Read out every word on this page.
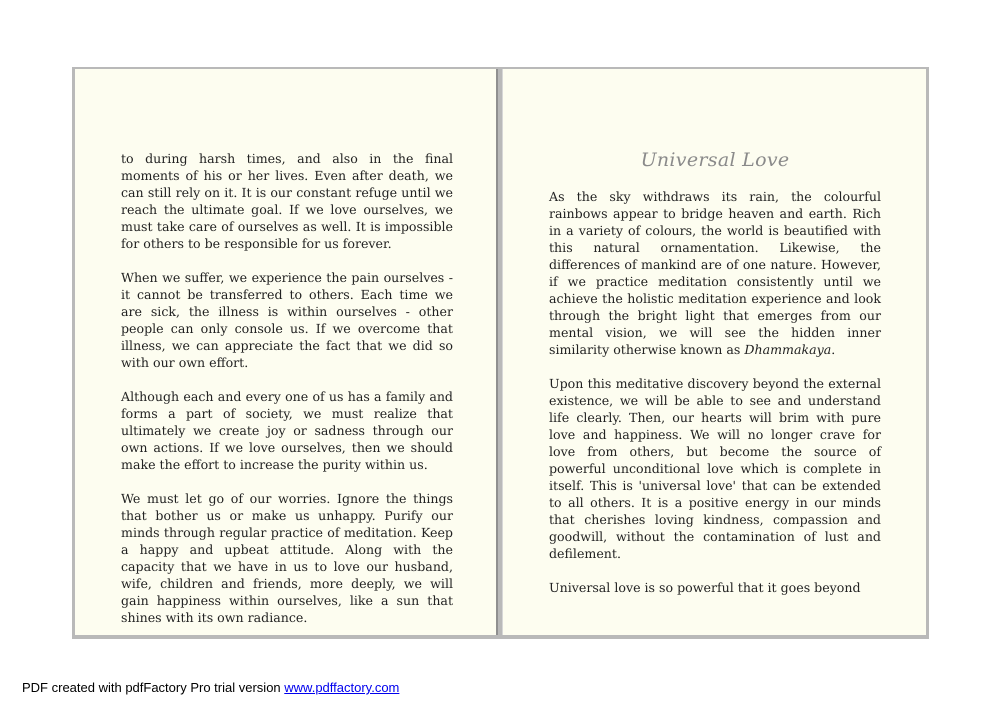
to during harsh times, and also in the final moments of his or her lives. Even after death, we can still rely on it. It is our constant refuge until we reach the ultimate goal. If we love ourselves, we must take care of ourselves as well. It is impossible for others to be responsible for us forever.

When we suffer, we experience the pain ourselves - it cannot be transferred to others. Each time we are sick, the illness is within ourselves - other people can only console us. If we overcome that illness, we can appreciate the fact that we did so with our own effort.

Although each and every one of us has a family and forms a part of society, we must realize that ultimately we create joy or sadness through our own actions. If we love ourselves, then we should make the effort to increase the purity within us.

We must let go of our worries. Ignore the things that bother us or make us unhappy. Purify our minds through regular practice of meditation. Keep a happy and upbeat attitude. Along with the capacity that we have in us to love our husband, wife, children and friends, more deeply, we will gain happiness within ourselves, like a sun that shines with its own radiance.

Universal Love

As the sky withdraws its rain, the colourful rainbows appear to bridge heaven and earth. Rich in a variety of colours, the world is beautified with this natural ornamentation. Likewise, the differences of mankind are of one nature. However, if we practice meditation consistently until we achieve the holistic meditation experience and look through the bright light that emerges from our mental vision, we will see the hidden inner similarity otherwise known as Dhammakaya.

Upon this meditative discovery beyond the external existence, we will be able to see and understand life clearly. Then, our hearts will brim with pure love and happiness. We will no longer crave for love from others, but become the source of powerful unconditional love which is complete in itself. This is 'universal love' that can be extended to all others. It is a positive energy in our minds that cherishes loving kindness, compassion and goodwill, without the contamination of lust and defilement.

Universal love is so powerful that it goes beyond

PDF created with pdfFactory Pro trial version www.pdffactory.com
